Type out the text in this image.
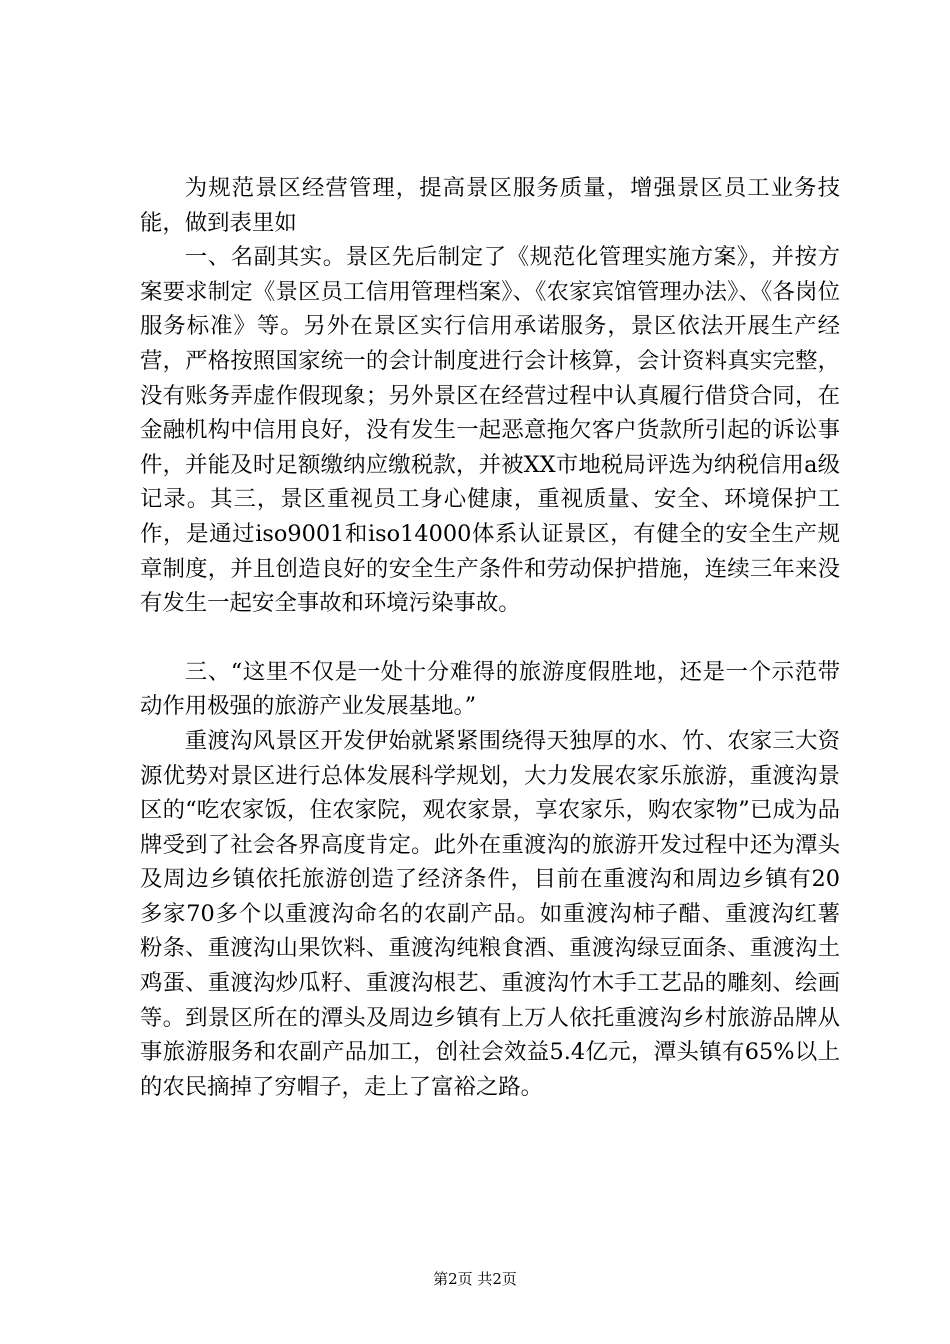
为规范景区经营管理，提高景区服务质量，增强景区员工业务技能，做到表里如

一、名副其实。景区先后制定了《规范化管理实施方案》，并按方案要求制定《景区员工信用管理档案》、《农家宾馆管理办法》、《各岗位服务标准》等。另外在景区实行信用承诺服务，景区依法开展生产经营，严格按照国家统一的会计制度进行会计核算，会计资料真实完整，没有账务弄虚作假现象；另外景区在经营过程中认真履行借贷合同，在金融机构中信用良好，没有发生一起恶意拖欠客户货款所引起的诉讼事件，并能及时足额缴纳应缴税款，并被XX市地税局评选为纳税信用a级记录。其三，景区重视员工身心健康，重视质量、安全、环境保护工作，是通过iso9001和iso14000体系认证景区，有健全的安全生产规章制度，并且创造良好的安全生产条件和劳动保护措施，连续三年来没有发生一起安全事故和环境污染事故。

三、“这里不仅是一处十分难得的旅游度假胜地，还是一个示范带动作用极强的旅游产业发展基地。”

重渡沟风景区开发伊始就紧紧围绕得天独厚的水、竹、农家三大资源优势对景区进行总体发展科学规划，大力发展农家乐旅游，重渡沟景区的“吃农家饭，住农家院，观农家景，享农家乐，购农家物”已成为品牌受到了社会各界高度肯定。此外在重渡沟的旅游开发过程中还为潭头及周边乡镇依托旅游创造了经济条件，目前在重渡沟和周边乡镇有20多家70多个以重渡沟命名的农副产品。如重渡沟柿子醋、重渡沟红薯粉条、重渡沟山果饮料、重渡沟纯粮食酒、重渡沟绿豆面条、重渡沟土鸡蛋、重渡沟炒瓜籽、重渡沟根艺、重渡沟竹木手工艺品的雕刻、绘画等。到景区所在的潭头及周边乡镇有上万人依托重渡沟乡村旅游品牌从事旅游服务和农副产品加工，创社会效益5.4亿元，潭头镇有65%以上的农民摘掉了穷帽子，走上了富裕之路。

第2页 共2页
